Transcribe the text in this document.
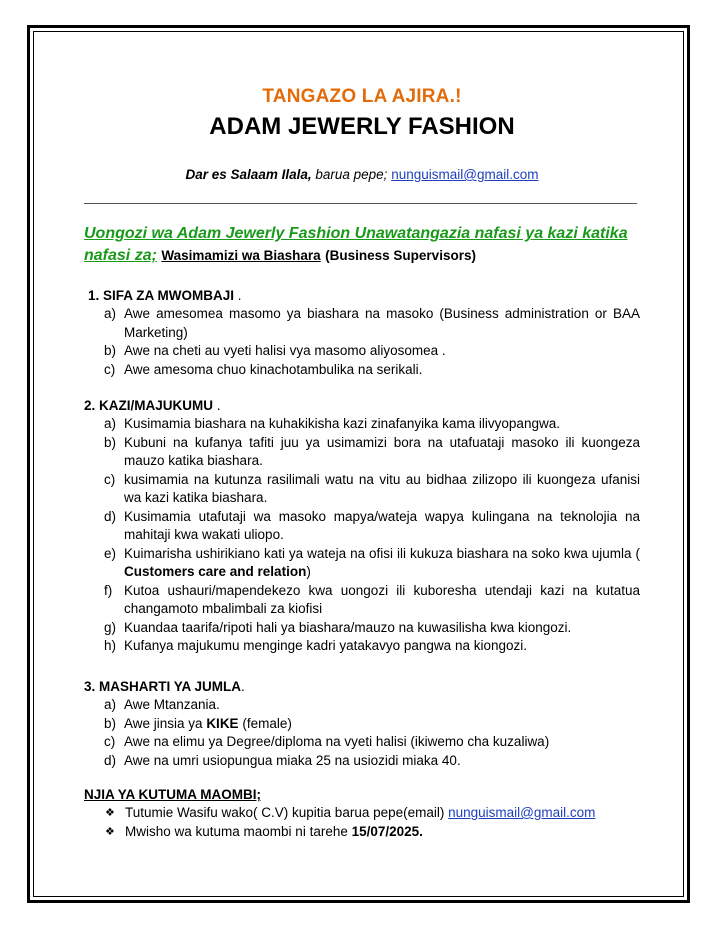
TANGAZO LA AJIRA.!
ADAM JEWERLY FASHION
Dar es Salaam Ilala, barua pepe; nunguismail@gmail.com
Uongozi wa Adam Jewerly Fashion Unawatangazia nafasi ya kazi katika nafasi za; Wasimamizi wa Biashara (Business Supervisors)
1. SIFA ZA MWOMBAJI .
a) Awe amesomea masomo ya biashara na masoko (Business administration or BAA Marketing)
b) Awe na cheti au vyeti halisi vya masomo aliyosomea .
c) Awe amesoma chuo kinachotambulika na serikali.
2. KAZI/MAJUKUMU .
a) Kusimamia biashara na kuhakikisha kazi zinafanyika kama ilivyopangwa.
b) Kubuni na kufanya tafiti juu ya usimamizi bora na utafuataji masoko ili kuongeza mauzo katika biashara.
c) kusimamia na kutunza rasilimali watu na vitu au bidhaa zilizopo ili kuongeza ufanisi wa kazi katika biashara.
d) Kusimamia utafutaji wa masoko mapya/wateja wapya kulingana na teknolojia na mahitaji kwa wakati uliopo.
e) Kuimarisha ushirikiano kati ya wateja na ofisi ili kukuza biashara na soko kwa ujumla ( Customers care and relation)
f) Kutoa ushauri/mapendekezo kwa uongozi ili kuboresha utendaji kazi na kutatua changamoto mbalimbali za kiofisi
g) Kuandaa taarifa/ripoti hali ya biashara/mauzo na kuwasilisha kwa kiongozi.
h) Kufanya majukumu menginge kadri yatakavyo pangwa na kiongozi.
3. MASHARTI YA JUMLA.
a) Awe Mtanzania.
b) Awe jinsia ya KIKE (female)
c) Awe na elimu ya Degree/diploma na vyeti halisi (ikiwemo cha kuzaliwa)
d) Awe na umri usiopungua miaka 25 na usiozidi miaka 40.
NJIA YA KUTUMA MAOMBI;
❖ Tutumie Wasifu wako( C.V) kupitia barua pepe(email) nunguismail@gmail.com
❖ Mwisho wa kutuma maombi ni tarehe 15/07/2025.
